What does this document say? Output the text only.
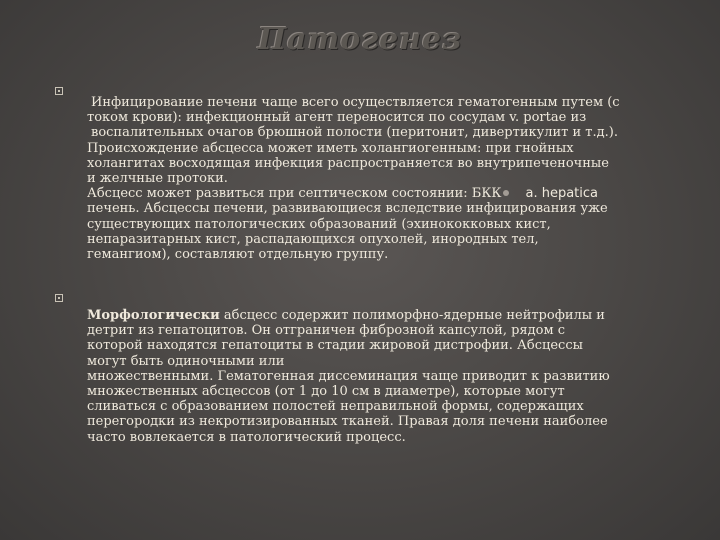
Патогенез
Инфицирование печени чаще всего осуществляется гематогенным путем (с
током крови): инфекционный агент переносится по сосудам v. portae из
воспалительных очагов брюшной полости (перитонит, дивертикулит и т.д.).
Происхождение абсцесса может иметь холангиогенным: при гнойных
холангитах восходящая инфекция распространяется во внутрипеченочные
и желчные протоки.
Абсцесс может развиться при септическом состоянии: БКК a. hepatica
печень. Абсцессы печени, развивающиеся вследствие инфицирования уже
существующих патологических образований (эхинококковых кист,
непаразитарных кист, распадающихся опухолей, инородных тел,
гемангиом), составляют отдельную группу.
Морфологически абсцесс содержит полиморфно-ядерные нейтрофилы и
детрит из гепатоцитов. Он отграничен фиброзной капсулой, рядом с
которой находятся гепатоциты в стадии жировой дистрофии. Абсцессы
могут быть одиночными или
множественными. Гематогенная диссеминация чаще приводит к развитию
множественных абсцессов (от 1 до 10 см в диаметре), которые могут
сливаться с образованием полостей неправильной формы, содержащих
перегородки из некротизированных тканей. Правая доля печени наиболее
часто вовлекается в патологический процесс.
